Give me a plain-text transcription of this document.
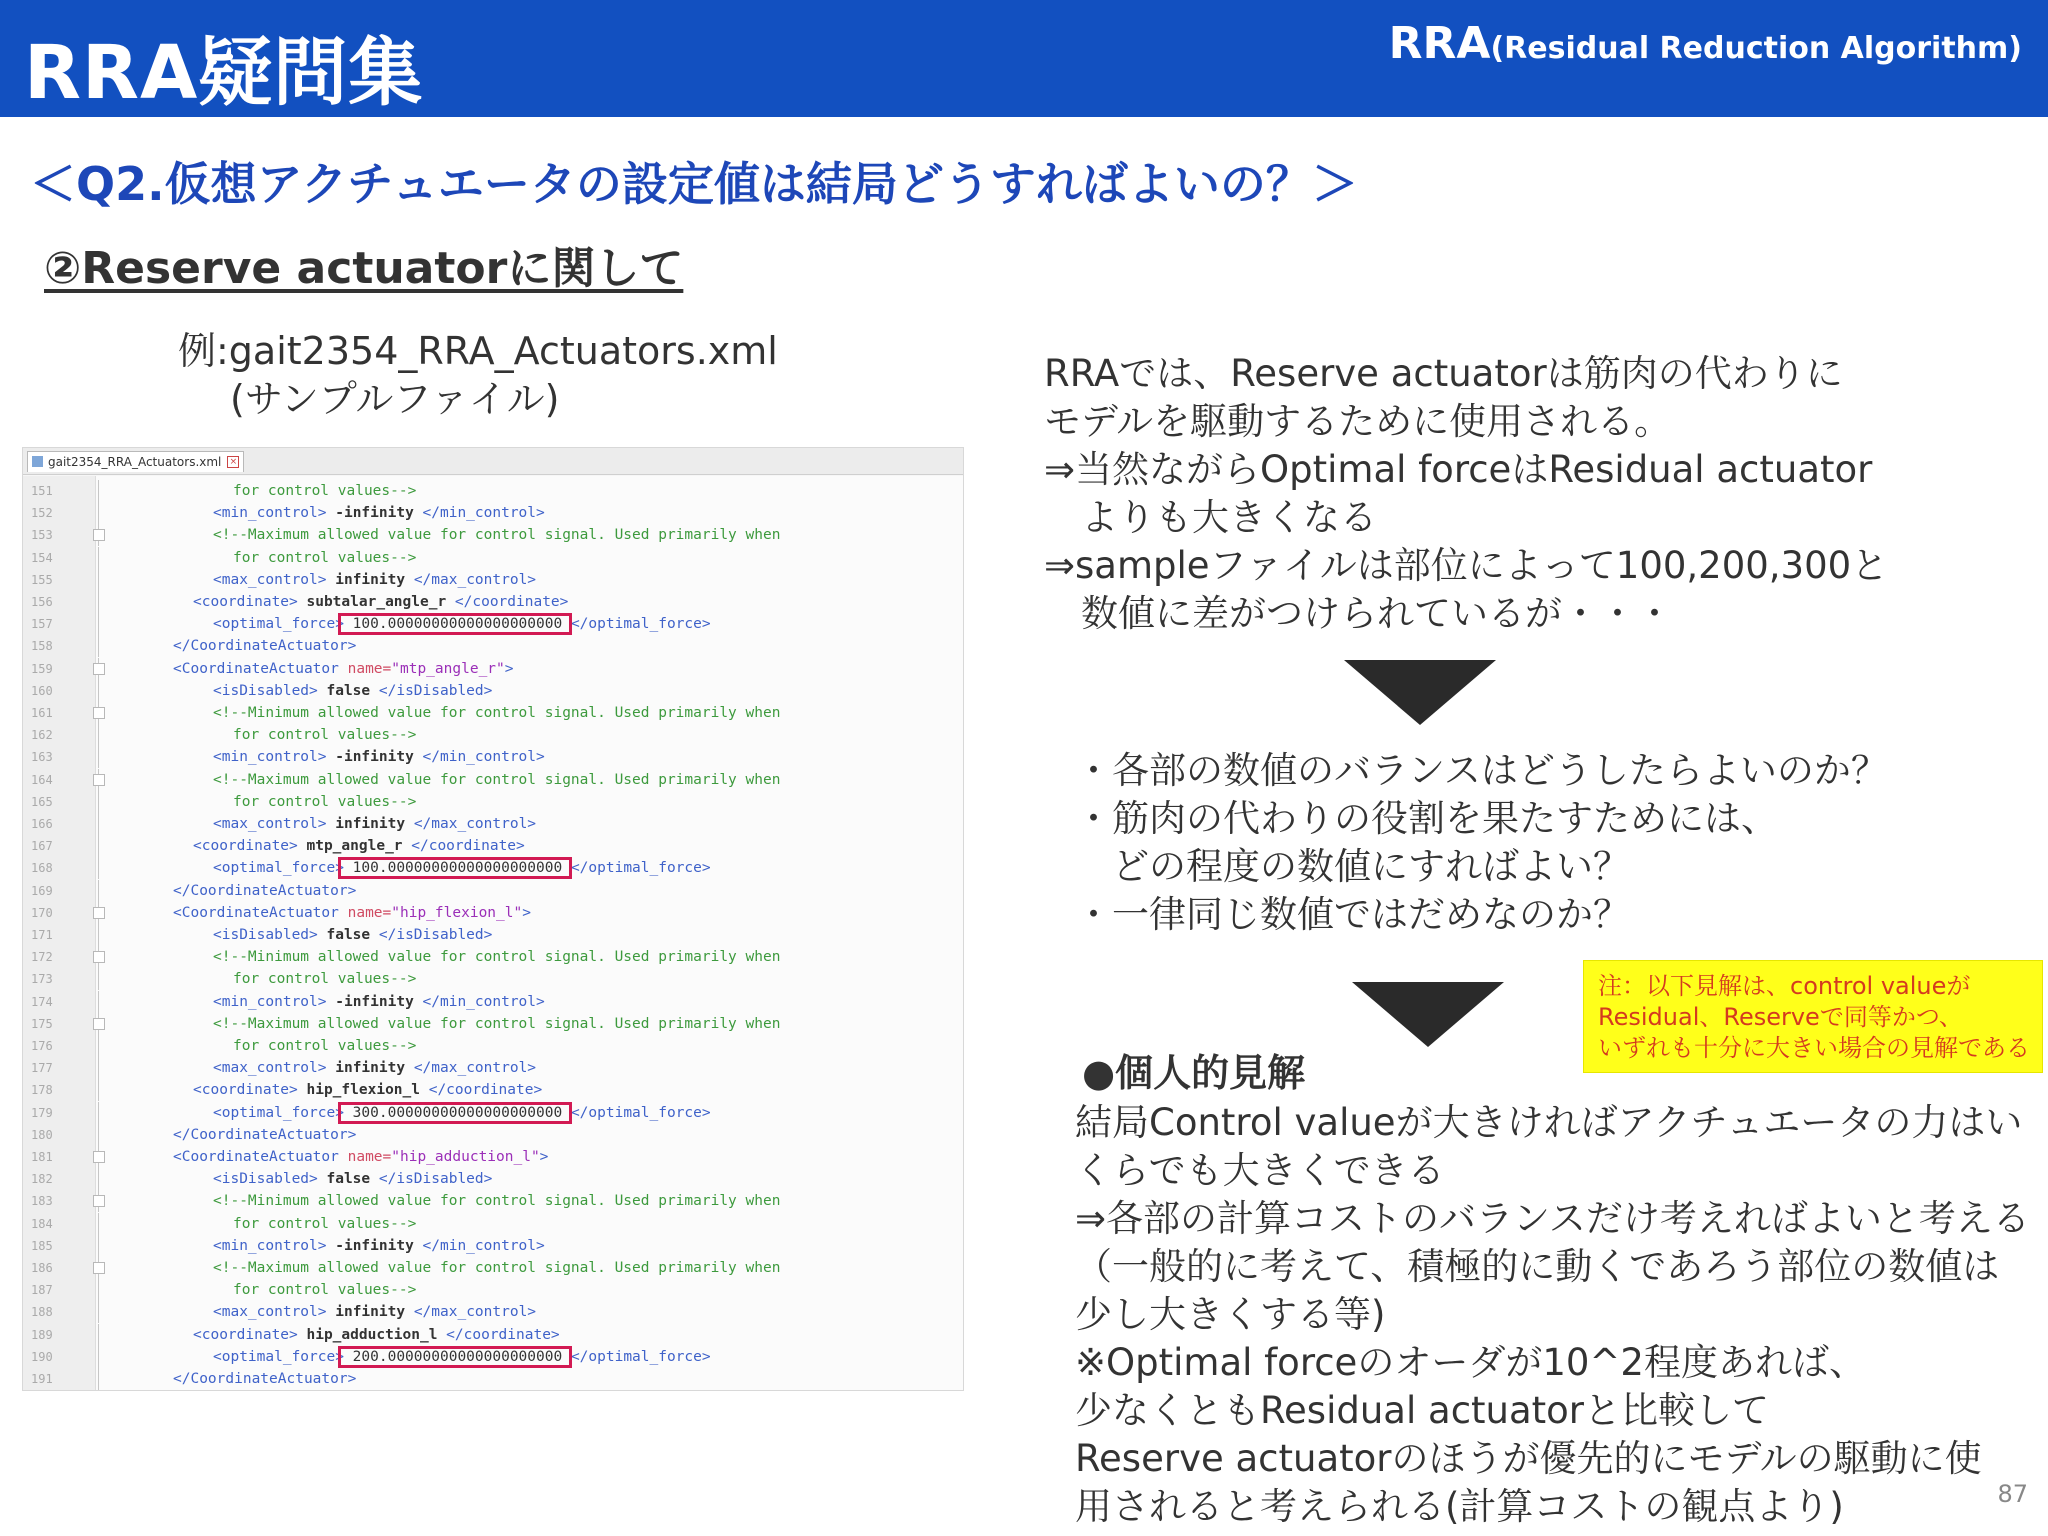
RRA疑問集	RRA(Residual Reduction Algorithm)
＜Q2.仮想アクチュエータの設定値は結局どうすればよいの？＞
②Reserve actuatorに関して
例:gait2354_RRA_Actuators.xml
(サンプルファイル)
gait2354_RRA_Actuators.xml ×
151	for control values-->
152	<min_control> -infinity </min_control>
153	<!--Maximum allowed value for control signal. Used primarily when
154	for control values-->
155	<max_control> infinity </max_control>
156	<coordinate> subtalar_angle_r </coordinate>
157	<optimal_force> 100.00000000000000000000 </optimal_force>
158	</CoordinateActuator>
159	<CoordinateActuator name="mtp_angle_r">
160	<isDisabled> false </isDisabled>
161	<!--Minimum allowed value for control signal. Used primarily when
162	for control values-->
163	<min_control> -infinity </min_control>
164	<!--Maximum allowed value for control signal. Used primarily when
165	for control values-->
166	<max_control> infinity </max_control>
167	<coordinate> mtp_angle_r </coordinate>
168	<optimal_force> 100.00000000000000000000 </optimal_force>
169	</CoordinateActuator>
170	<CoordinateActuator name="hip_flexion_l">
171	<isDisabled> false </isDisabled>
172	<!--Minimum allowed value for control signal. Used primarily when
173	for control values-->
174	<min_control> -infinity </min_control>
175	<!--Maximum allowed value for control signal. Used primarily when
176	for control values-->
177	<max_control> infinity </max_control>
178	<coordinate> hip_flexion_l </coordinate>
179	<optimal_force> 300.00000000000000000000 </optimal_force>
180	</CoordinateActuator>
181	<CoordinateActuator name="hip_adduction_l">
182	<isDisabled> false </isDisabled>
183	<!--Minimum allowed value for control signal. Used primarily when
184	for control values-->
185	<min_control> -infinity </min_control>
186	<!--Maximum allowed value for control signal. Used primarily when
187	for control values-->
188	<max_control> infinity </max_control>
189	<coordinate> hip_adduction_l </coordinate>
190	<optimal_force> 200.00000000000000000000 </optimal_force>
191	</CoordinateActuator>
RRAでは、Reserve actuatorは筋肉の代わりに
モデルを駆動するために使用される。
⇒当然ながらOptimal forceはResidual actuator
　よりも大きくなる
⇒sampleファイルは部位によって100,200,300と
　数値に差がつけられているが・・・
・各部の数値のバランスはどうしたらよいのか？
・筋肉の代わりの役割を果たすためには、
　どの程度の数値にすればよい？
・一律同じ数値ではだめなのか？
注：以下見解は、control valueが
Residual、Reserveで同等かつ、
いずれも十分に大きい場合の見解である
●個人的見解
結局Control valueが大きければアクチュエータの力はい
くらでも大きくできる
⇒各部の計算コストのバランスだけ考えればよいと考える
（一般的に考えて、積極的に動くであろう部位の数値は
少し大きくする等)
※Optimal forceのオーダが10^2程度あれば、
少なくともResidual actuatorと比較して
Reserve actuatorのほうが優先的にモデルの駆動に使
用されると考えられる(計算コストの観点より)	87
